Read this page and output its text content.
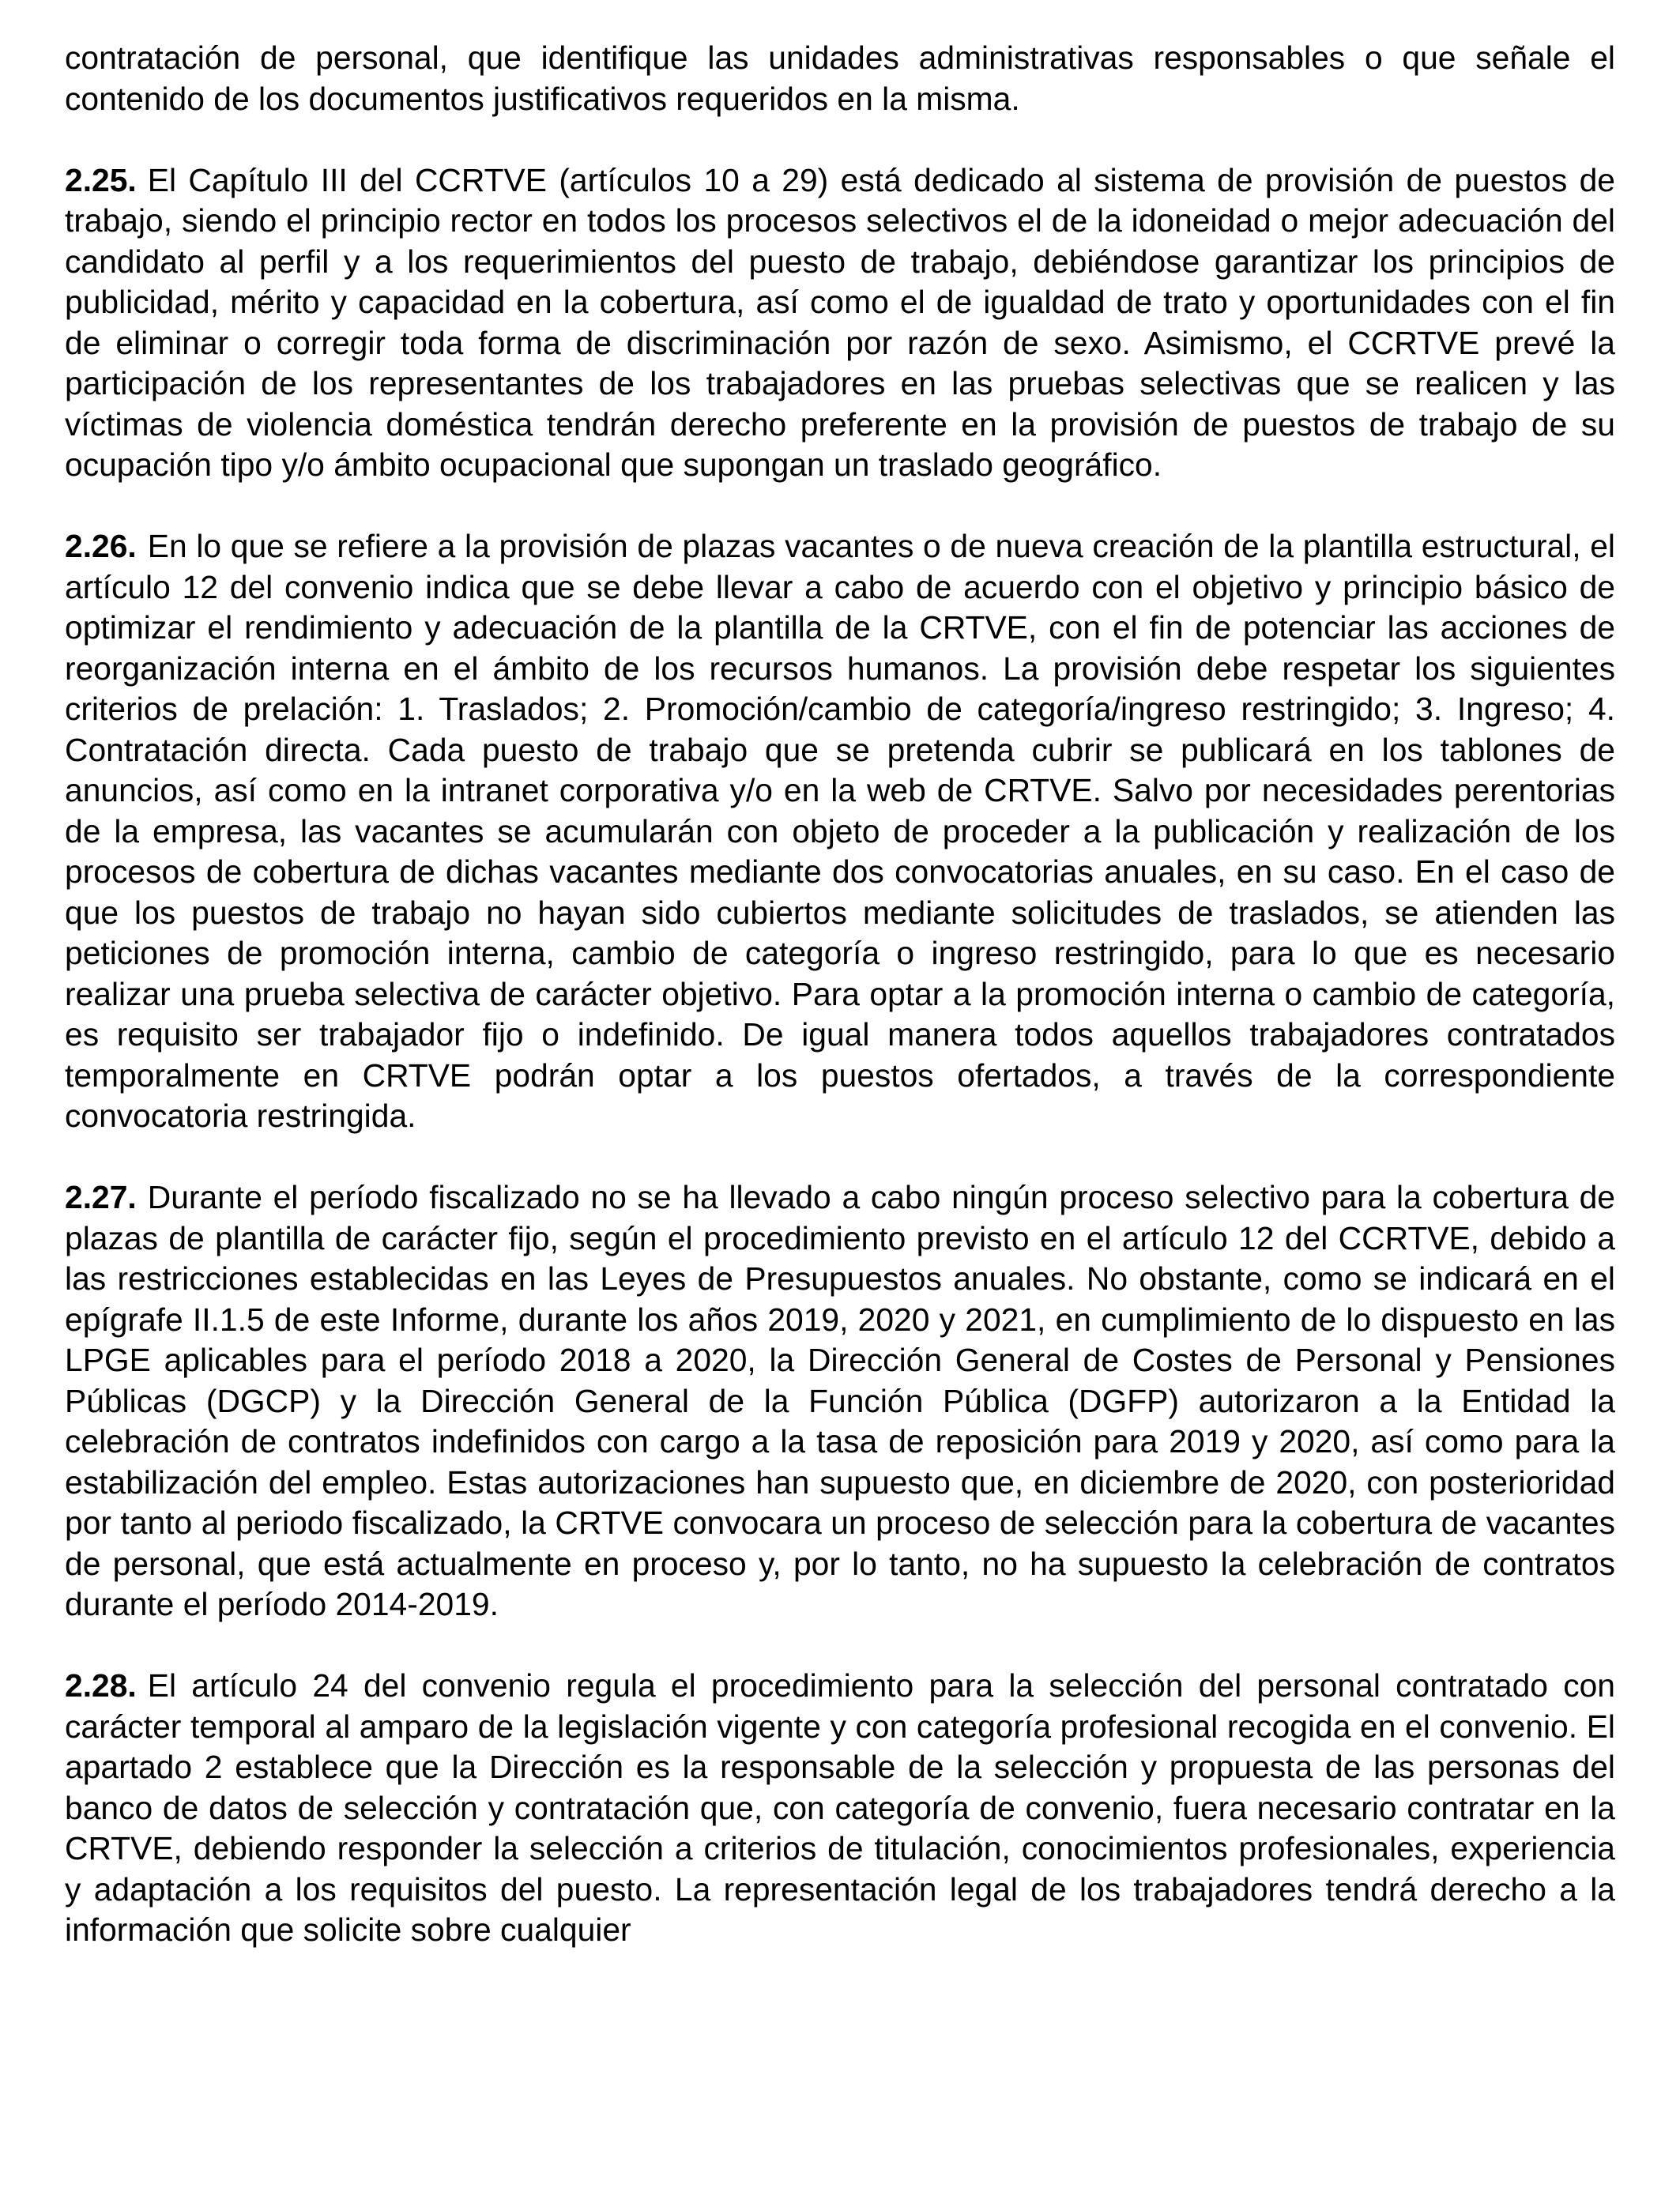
contratación de personal, que identifique las unidades administrativas responsables o que señale el contenido de los documentos justificativos requeridos en la misma.

2.25. El Capítulo III del CCRTVE (artículos 10 a 29) está dedicado al sistema de provisión de puestos de trabajo, siendo el principio rector en todos los procesos selectivos el de la idoneidad o mejor adecuación del candidato al perfil y a los requerimientos del puesto de trabajo, debiéndose garantizar los principios de publicidad, mérito y capacidad en la cobertura, así como el de igualdad de trato y oportunidades con el fin de eliminar o corregir toda forma de discriminación por razón de sexo. Asimismo, el CCRTVE prevé la participación de los representantes de los trabajadores en las pruebas selectivas que se realicen y las víctimas de violencia doméstica tendrán derecho preferente en la provisión de puestos de trabajo de su ocupación tipo y/o ámbito ocupacional que supongan un traslado geográfico.

2.26. En lo que se refiere a la provisión de plazas vacantes o de nueva creación de la plantilla estructural, el artículo 12 del convenio indica que se debe llevar a cabo de acuerdo con el objetivo y principio básico de optimizar el rendimiento y adecuación de la plantilla de la CRTVE, con el fin de potenciar las acciones de reorganización interna en el ámbito de los recursos humanos. La provisión debe respetar los siguientes criterios de prelación: 1. Traslados; 2. Promoción/cambio de categoría/ingreso restringido; 3. Ingreso; 4. Contratación directa. Cada puesto de trabajo que se pretenda cubrir se publicará en los tablones de anuncios, así como en la intranet corporativa y/o en la web de CRTVE. Salvo por necesidades perentorias de la empresa, las vacantes se acumularán con objeto de proceder a la publicación y realización de los procesos de cobertura de dichas vacantes mediante dos convocatorias anuales, en su caso. En el caso de que los puestos de trabajo no hayan sido cubiertos mediante solicitudes de traslados, se atienden las peticiones de promoción interna, cambio de categoría o ingreso restringido, para lo que es necesario realizar una prueba selectiva de carácter objetivo. Para optar a la promoción interna o cambio de categoría, es requisito ser trabajador fijo o indefinido. De igual manera todos aquellos trabajadores contratados temporalmente en CRTVE podrán optar a los puestos ofertados, a través de la correspondiente convocatoria restringida.

2.27. Durante el período fiscalizado no se ha llevado a cabo ningún proceso selectivo para la cobertura de plazas de plantilla de carácter fijo, según el procedimiento previsto en el artículo 12 del CCRTVE, debido a las restricciones establecidas en las Leyes de Presupuestos anuales. No obstante, como se indicará en el epígrafe II.1.5 de este Informe, durante los años 2019, 2020 y 2021, en cumplimiento de lo dispuesto en las LPGE aplicables para el período 2018 a 2020, la Dirección General de Costes de Personal y Pensiones Públicas (DGCP) y la Dirección General de la Función Pública (DGFP) autorizaron a la Entidad la celebración de contratos indefinidos con cargo a la tasa de reposición para 2019 y 2020, así como para la estabilización del empleo. Estas autorizaciones han supuesto que, en diciembre de 2020, con posterioridad por tanto al periodo fiscalizado, la CRTVE convocara un proceso de selección para la cobertura de vacantes de personal, que está actualmente en proceso y, por lo tanto, no ha supuesto la celebración de contratos durante el período 2014-2019.

2.28. El artículo 24 del convenio regula el procedimiento para la selección del personal contratado con carácter temporal al amparo de la legislación vigente y con categoría profesional recogida en el convenio. El apartado 2 establece que la Dirección es la responsable de la selección y propuesta de las personas del banco de datos de selección y contratación que, con categoría de convenio, fuera necesario contratar en la CRTVE, debiendo responder la selección a criterios de titulación, conocimientos profesionales, experiencia y adaptación a los requisitos del puesto. La representación legal de los trabajadores tendrá derecho a la información que solicite sobre cualquier
